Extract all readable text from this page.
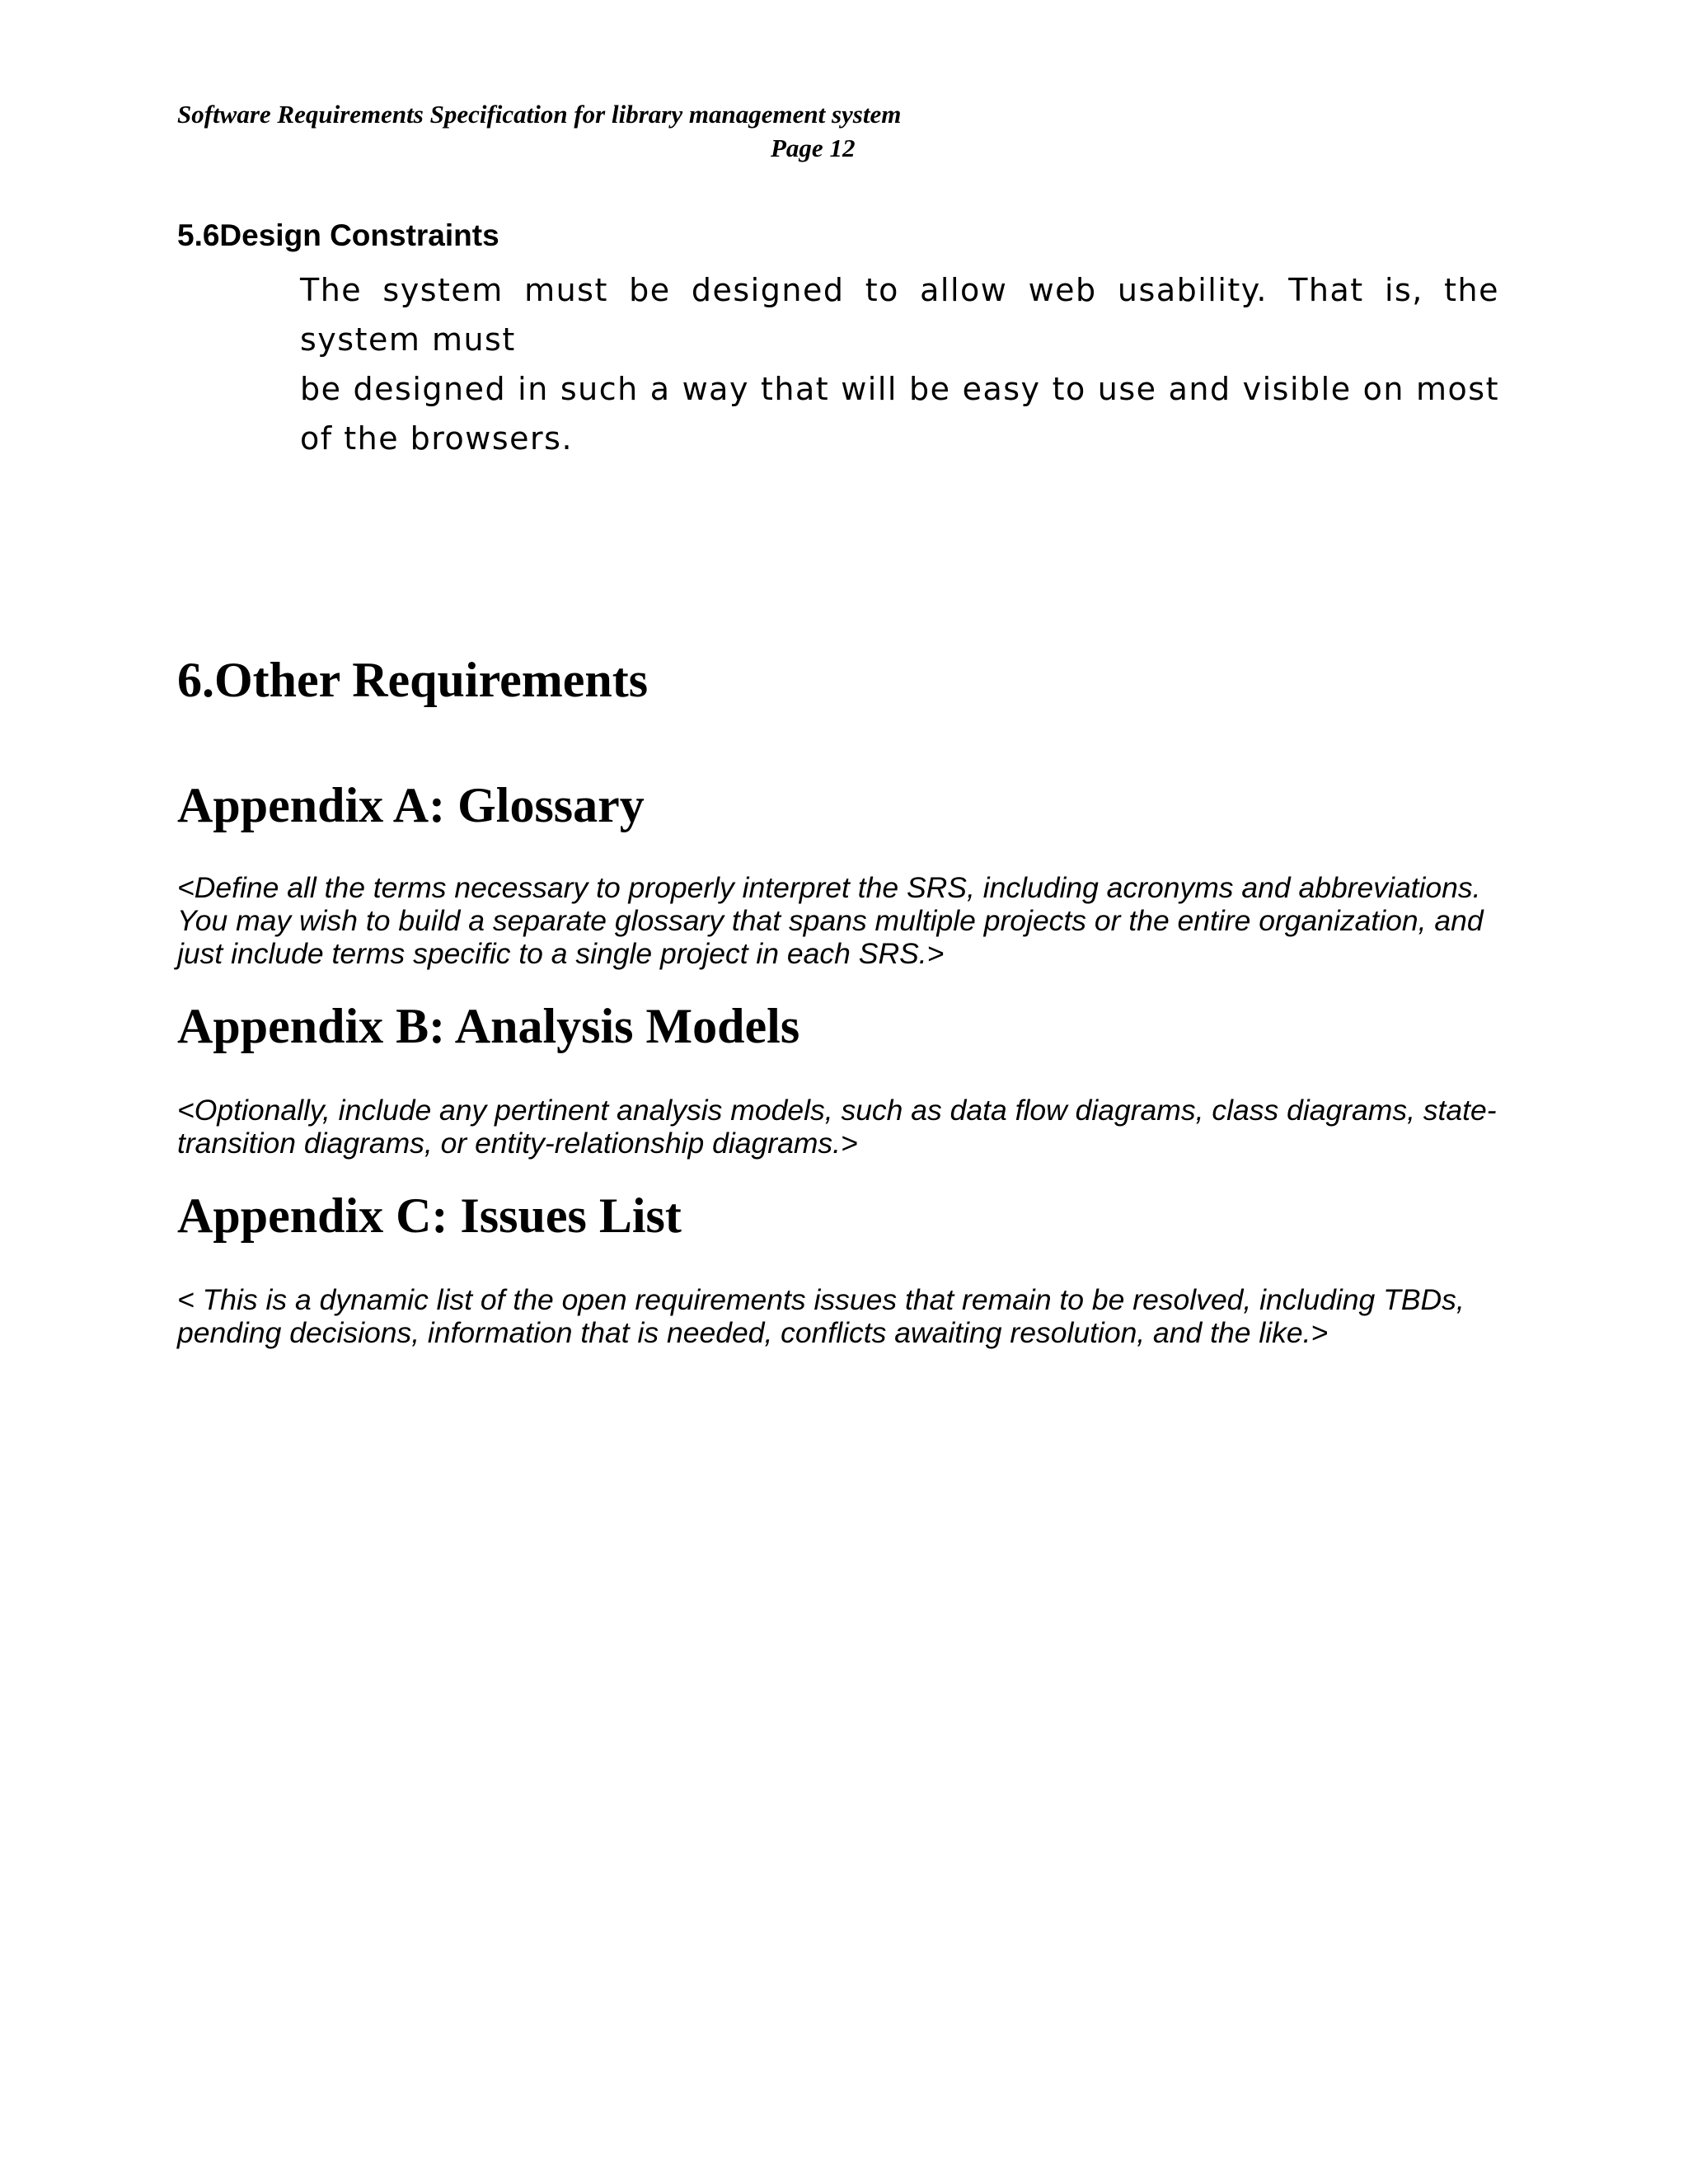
Software Requirements Specification for library management system
Page 12
5.6Design Constraints

The system must be designed to allow web usability. That is, the system must

be designed in such a way that will be easy to use and visible on most of the browsers.

6.Other Requirements
Appendix A: Glossary

<Define all the terms necessary to properly interpret the SRS, including acronyms and abbreviations. You may wish to build a separate glossary that spans multiple projects or the entire organization, and just include terms specific to a single project in each SRS.>

Appendix B: Analysis Models

<Optionally, include any pertinent analysis models, such as data flow diagrams, class diagrams, state-transition diagrams, or entity-relationship diagrams.>

Appendix C: Issues List

< This is a dynamic list of the open requirements issues that remain to be resolved, including TBDs, pending decisions, information that is needed, conflicts awaiting resolution, and the like.>
